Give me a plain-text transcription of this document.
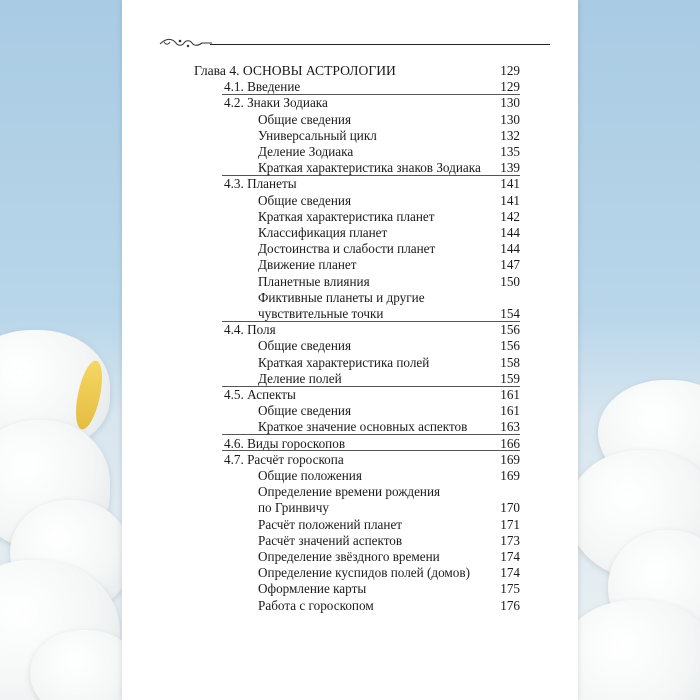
Глава 4. ОСНОВЫ АСТРОЛОГИИ	129
4.1. Введение	129
4.2. Знаки Зодиака	130
Общие сведения	130
Универсальный цикл	132
Деление Зодиака	135
Краткая характеристика знаков Зодиака 139
4.3. Планеты	141
Общие сведения	141
Краткая характеристика планет	142
Классификация планет	144
Достоинства и слабости планет	144
Движение планет	147
Планетные влияния	150
Фиктивные планеты и другие
чувствительные точки	154
4.4. Поля	156
Общие сведения	156
Краткая характеристика полей	158
Деление полей	159
4.5. Аспекты	161
Общие сведения	161
Краткое значение основных аспектов 163
4.6. Виды гороскопов	166
4.7. Расчёт гороскопа	169
Общие положения	169
Определение времени рождения
по Гринвичу	170
Расчёт положений планет	171
Расчёт значений аспектов	173
Определение звёздного времени	174
Определение куспидов полей (домов) 174
Оформление карты	175
Работа с гороскопом	176
